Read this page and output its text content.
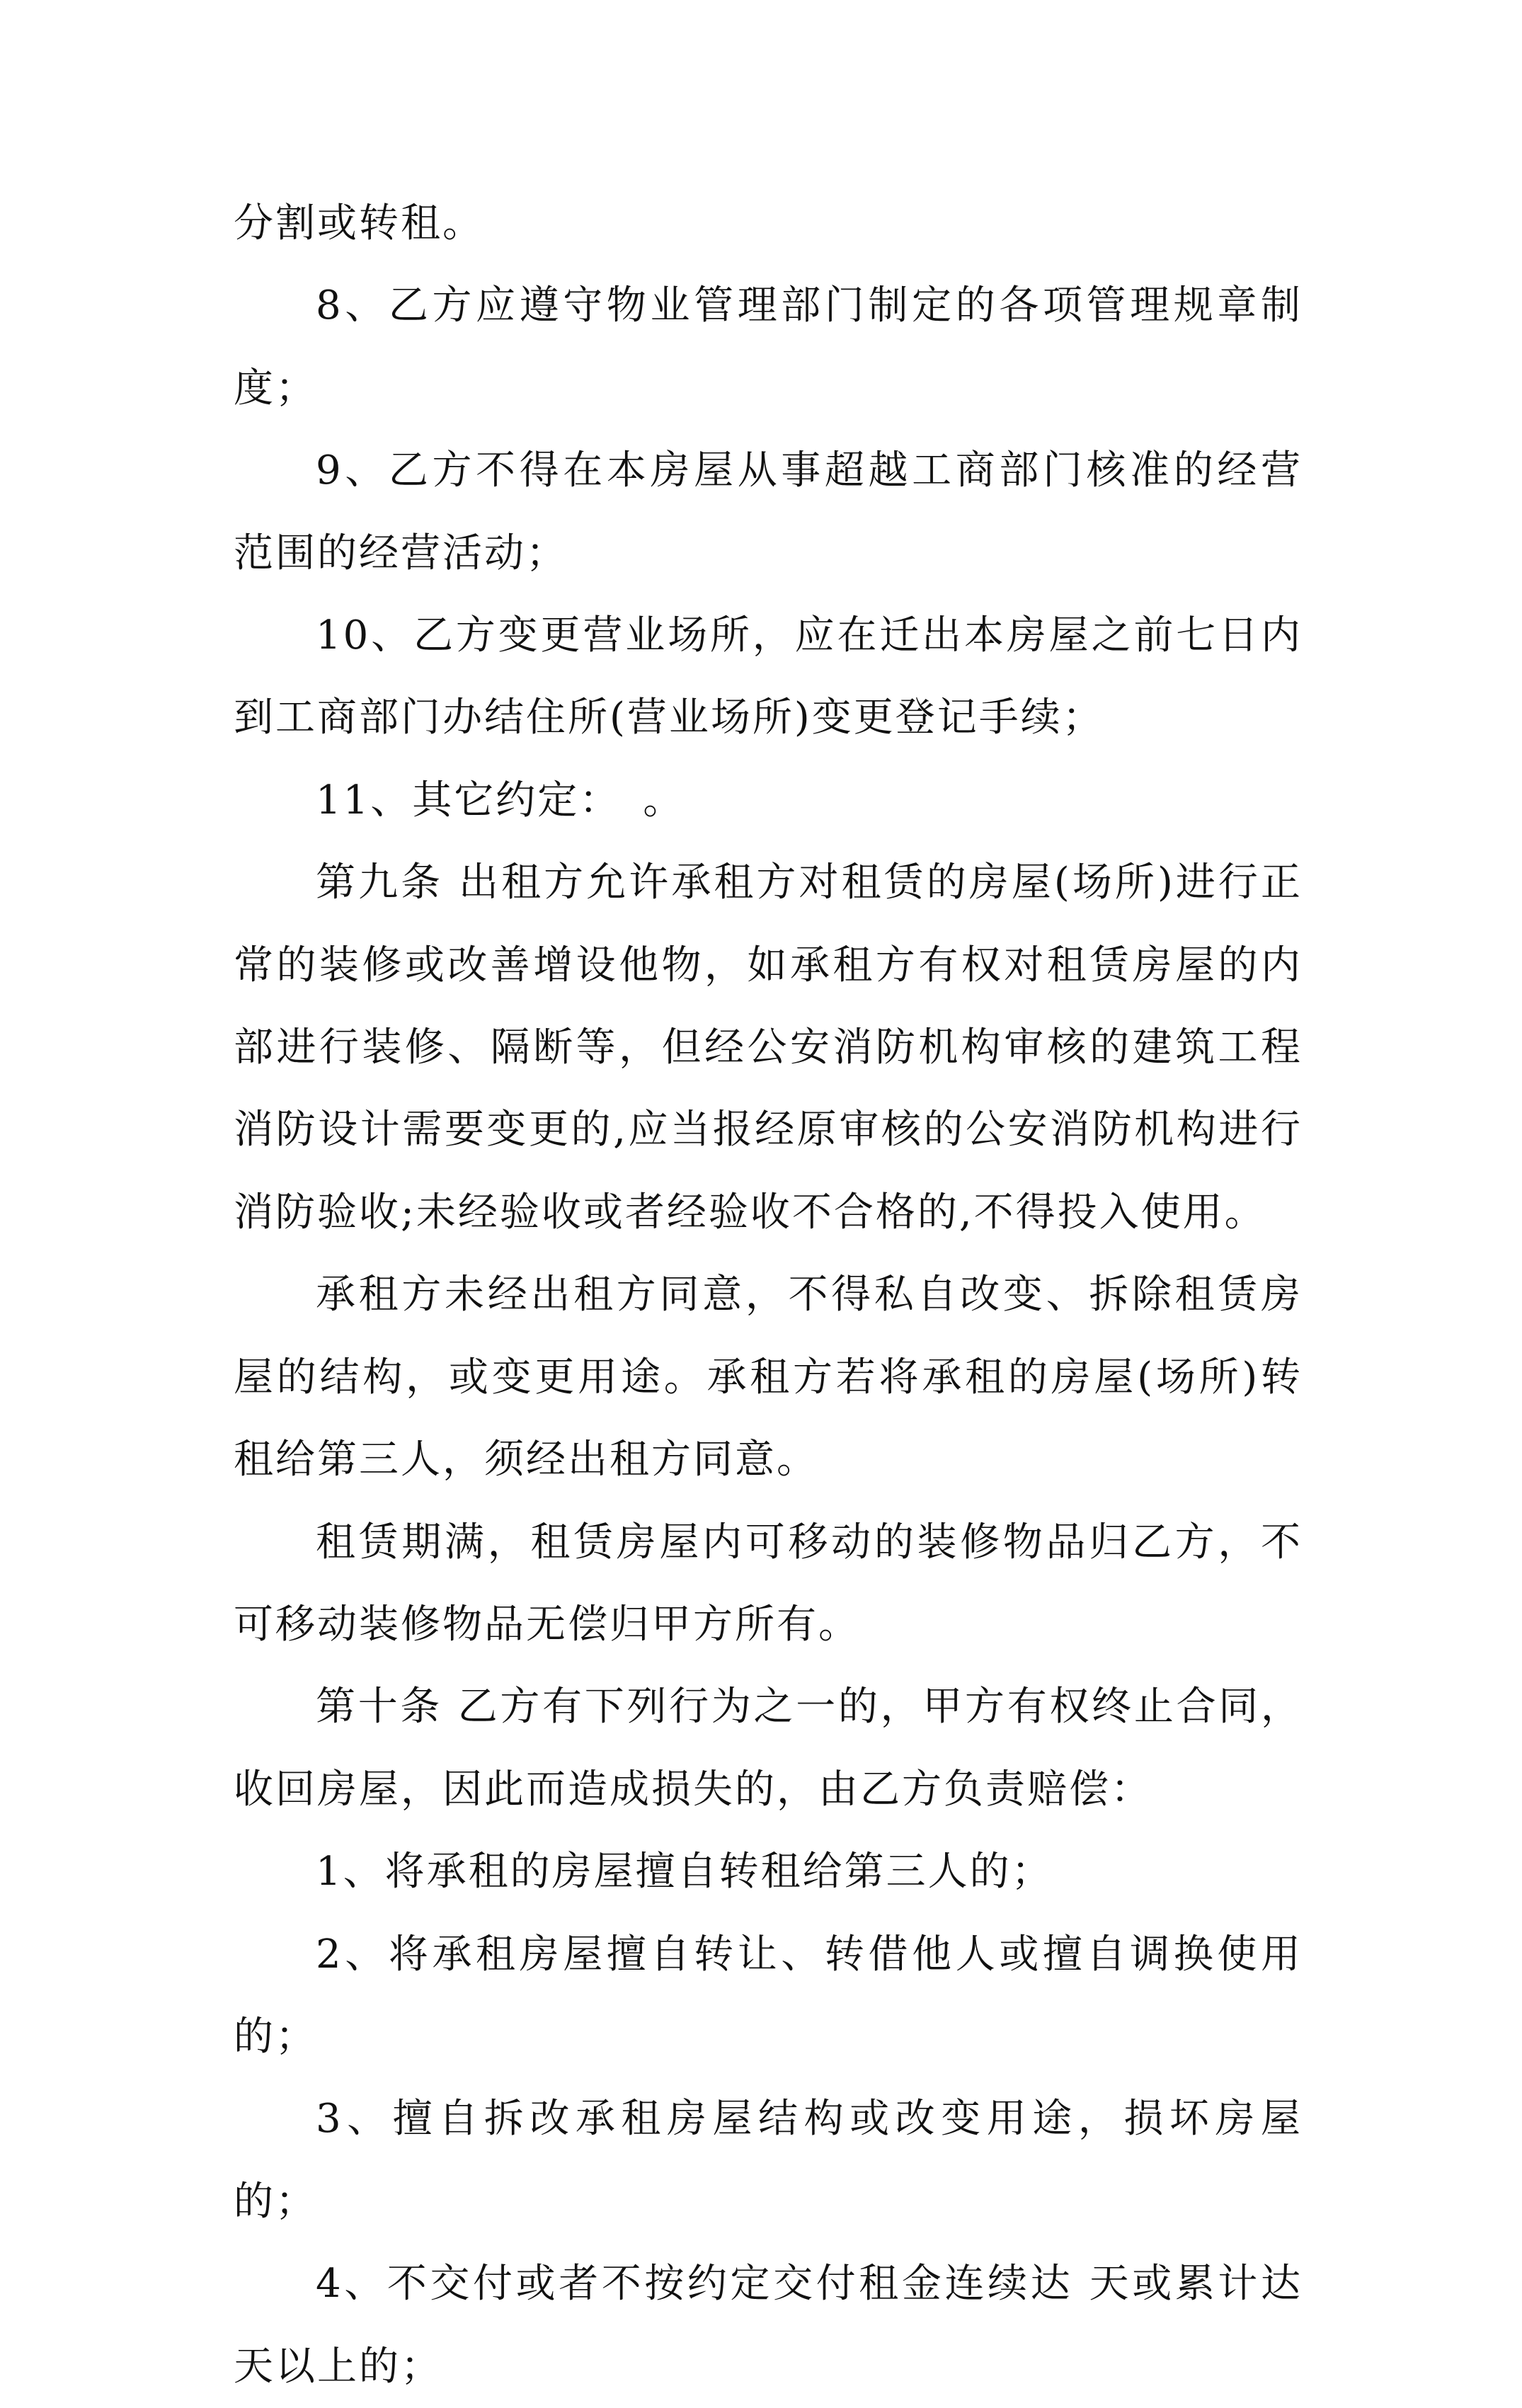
分割或转租。

8、乙方应遵守物业管理部门制定的各项管理规章制度；

9、乙方不得在本房屋从事超越工商部门核准的经营范围的经营活动；

10、乙方变更营业场所，应在迁出本房屋之前七日内到工商部门办结住所(营业场所)变更登记手续；

11、其它约定：　。

第九条 出租方允许承租方对租赁的房屋(场所)进行正常的装修或改善增设他物，如承租方有权对租赁房屋的内部进行装修、隔断等，但经公安消防机构审核的建筑工程消防设计需要变更的,应当报经原审核的公安消防机构进行消防验收;未经验收或者经验收不合格的,不得投入使用。

承租方未经出租方同意，不得私自改变、拆除租赁房屋的结构，或变更用途。承租方若将承租的房屋(场所)转租给第三人，须经出租方同意。

租赁期满，租赁房屋内可移动的装修物品归乙方，不可移动装修物品无偿归甲方所有。

第十条 乙方有下列行为之一的，甲方有权终止合同，收回房屋，因此而造成损失的，由乙方负责赔偿：

1、将承租的房屋擅自转租给第三人的；

2、将承租房屋擅自转让、转借他人或擅自调换使用的；

3、擅自拆改承租房屋结构或改变用途，损坏房屋的；

4、不交付或者不按约定交付租金连续达 天或累计达天以上的；
